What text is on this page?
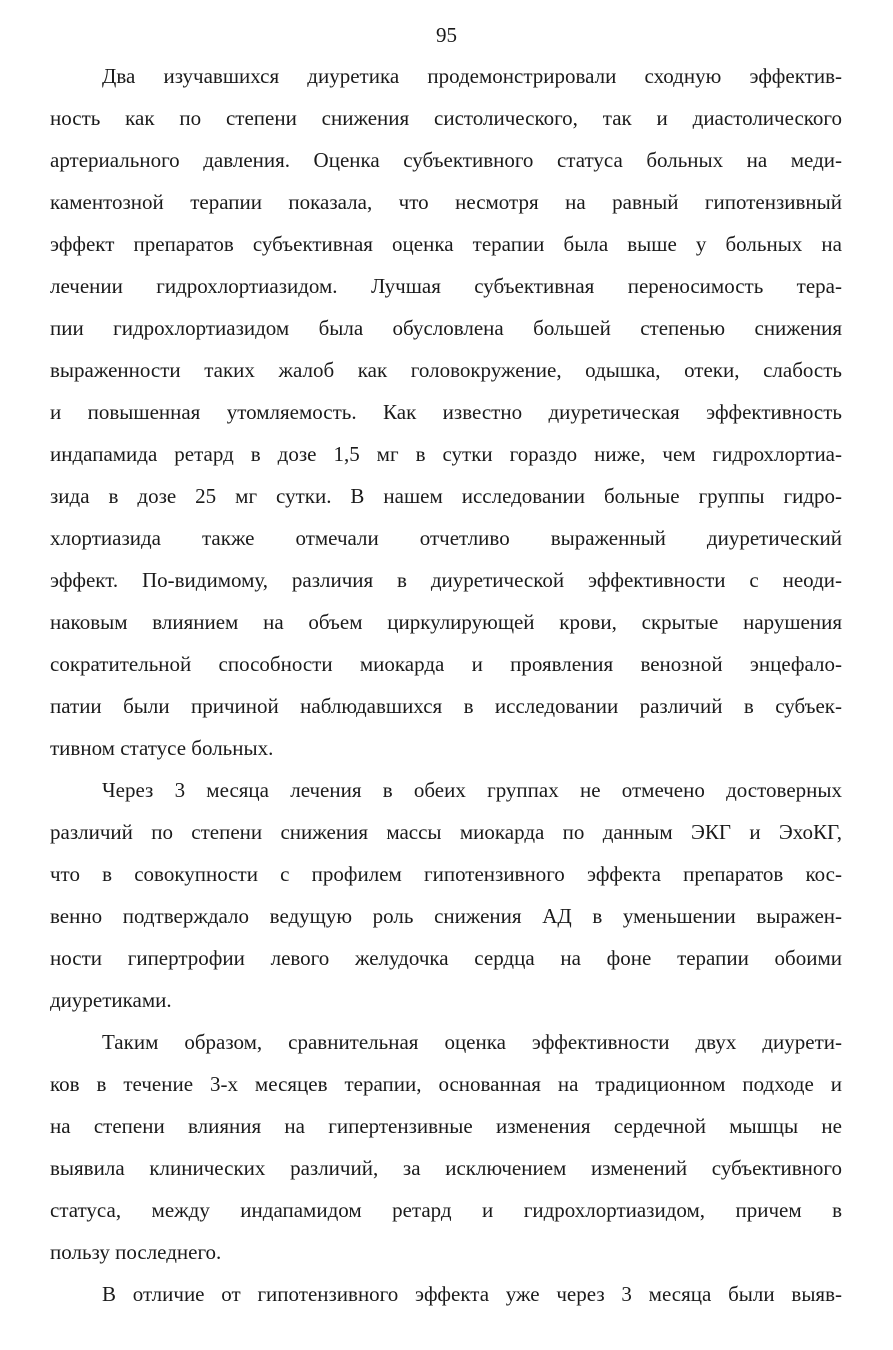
95
Два изучавшихся диуретика продемонстрировали сходную эффектив-
ность как по степени снижения систолического, так и диастолического
артериального давления. Оценка субъективного статуса больных на меди-
каментозной терапии показала, что несмотря на равный гипотензивный
эффект препаратов субъективная оценка терапии была выше у больных на
лечении гидрохлортиазидом. Лучшая субъективная переносимость тера-
пии гидрохлортиазидом была обусловлена большей степенью снижения
выраженности таких жалоб как головокружение, одышка, отеки, слабость
и повышенная утомляемость. Как известно диуретическая эффективность
индапамида ретард в дозе 1,5 мг в сутки гораздо ниже, чем гидрохлортиа-
зида в дозе 25 мг сутки. В нашем исследовании больные группы гидро-
хлортиазида также отмечали отчетливо выраженный диуретический
эффект. По-видимому, различия в диуретической эффективности с неоди-
наковым влиянием на объем циркулирующей крови, скрытые нарушения
сократительной способности миокарда и проявления венозной энцефало-
патии были причиной наблюдавшихся в исследовании различий в субъек-
тивном статусе больных.
Через 3 месяца лечения в обеих группах не отмечено достоверных
различий по степени снижения массы миокарда по данным ЭКГ и ЭхоКГ,
что в совокупности с профилем гипотензивного эффекта препаратов кос-
венно подтверждало ведущую роль снижения АД в уменьшении выражен-
ности гипертрофии левого желудочка сердца на фоне терапии обоими
диуретиками.
Таким образом, сравнительная оценка эффективности двух диурети-
ков в течение 3-х месяцев терапии, основанная на традиционном подходе и
на степени влияния на гипертензивные изменения сердечной мышцы не
выявила клинических различий, за исключением изменений субъективного
статуса, между индапамидом ретард и гидрохлортиазидом, причем в
пользу последнего.
В отличие от гипотензивного эффекта уже через 3 месяца были выяв-
